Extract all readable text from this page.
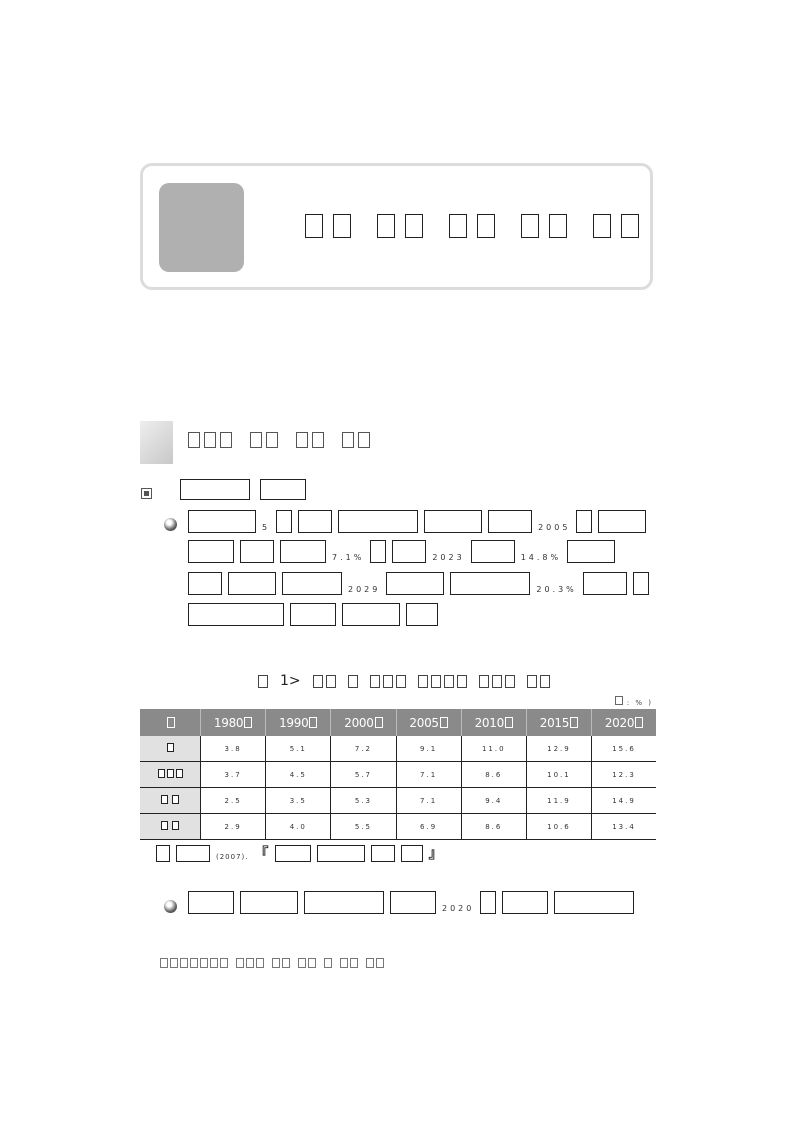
5	2005
7.1%	2023	14.8%
2029	20.3%
1>
: % )
	1980	1990	2000	2005	2010	2015	2020
	3.8	5.1	7.2	9.1	11.0	12.9	15.6
	3.7	4.5	5.7	7.1	8.6	10.1	12.3
	2.5	3.5	5.3	7.1	9.4	11.9	14.9
	2.9	4.0	5.5	6.9	8.6	10.6	13.4
(2007). 『	』
2020
